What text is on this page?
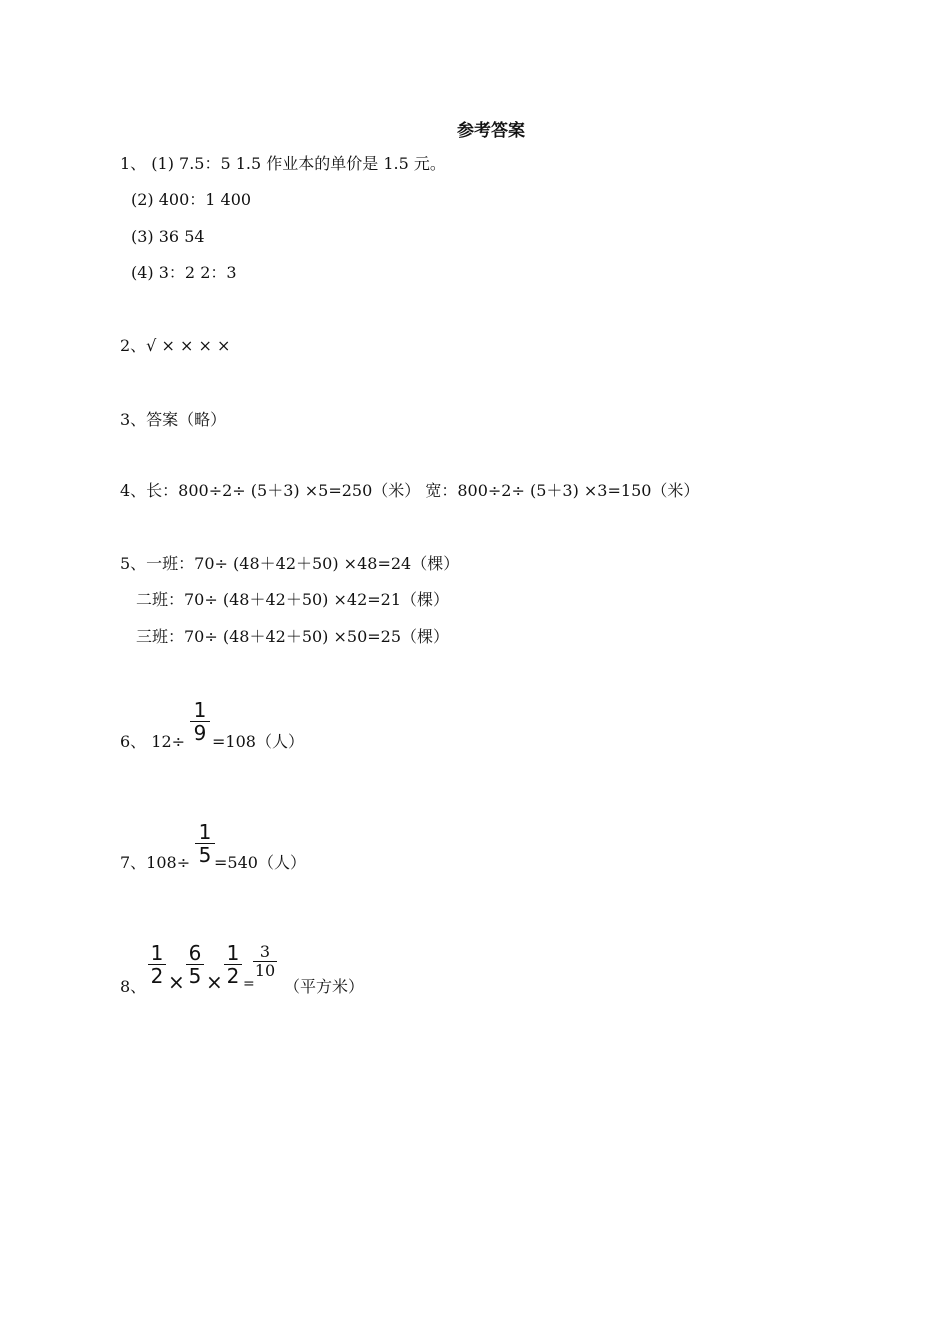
参考答案
1、 (1) 7.5：5 1.5 作业本的单价是 1.5 元。
(2) 400：1 400
(3) 36 54
(4) 3：2 2：3
2、√ × × × ×
3、答案（略）
4、长：800÷2÷ (5＋3) ×5=250（米） 宽：800÷2÷ (5＋3) ×3=150（米）
5、一班：70÷ (48＋42＋50) ×48=24（棵）
二班：70÷ (48＋42＋50) ×42=21（棵）
三班：70÷ (48＋42＋50) ×50=25（棵）
6、 12÷
1
9 =108（人）
7、108÷
1
5 =540（人）
8、
1
2 ×
6
5 ×
1
2 =
3
10
（平方米）
